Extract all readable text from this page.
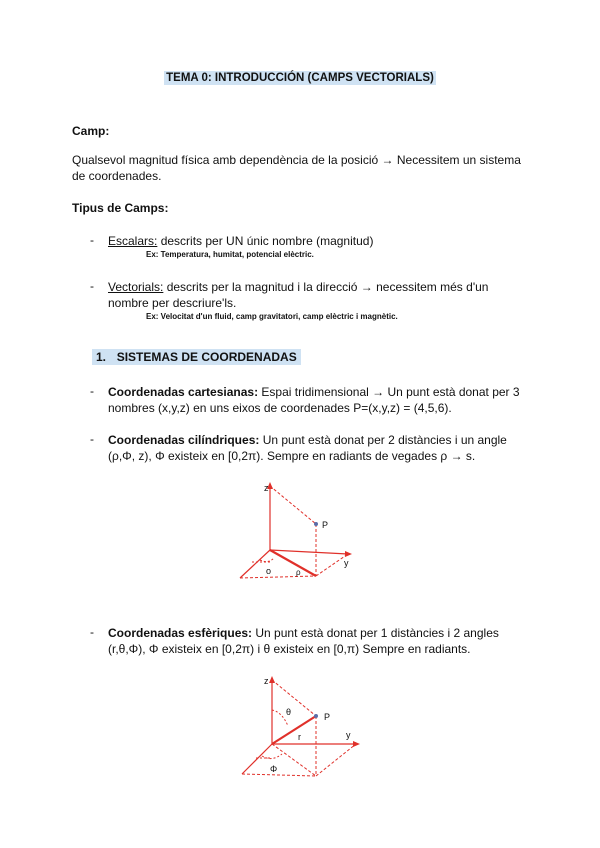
TEMA 0: INTRODUCCIÓN (CAMPS VECTORIALS)
Camp:
Qualsevol magnitud física amb dependència de la posició → Necessitem un sistema
de coordenades.
Tipus de Camps:
- Escalars: descrits per UN únic nombre (magnitud)
Ex: Temperatura, humitat, potencial elèctric.
- Vectorials: descrits per la magnitud i la direcció → necessitem més d'un
nombre per descriure'ls.
Ex: Velocitat d'un fluid, camp gravitatori, camp elèctric i magnètic.
1. SISTEMAS DE COORDENADAS
- Coordenadas cartesianas: Espai tridimensional → Un punt està donat per 3
nombres (x,y,z) en uns eixos de coordenades P=(x,y,z) = (4,5,6).
- Coordenadas cilíndriques: Un punt està donat per 2 distàncies i un angle
(ρ,Φ, z), Φ existeix en [0,2π). Sempre en radiants de vegades ρ → s.
z
y
P
o	ρ
- Coordenadas esfèriques: Un punt està donat per 1 distàncies i 2 angles
(r,θ,Φ), Φ existeix en [0,2π) i θ existeix en [0,π) Sempre en radiants.
z
y
P
θ
r
Φ
